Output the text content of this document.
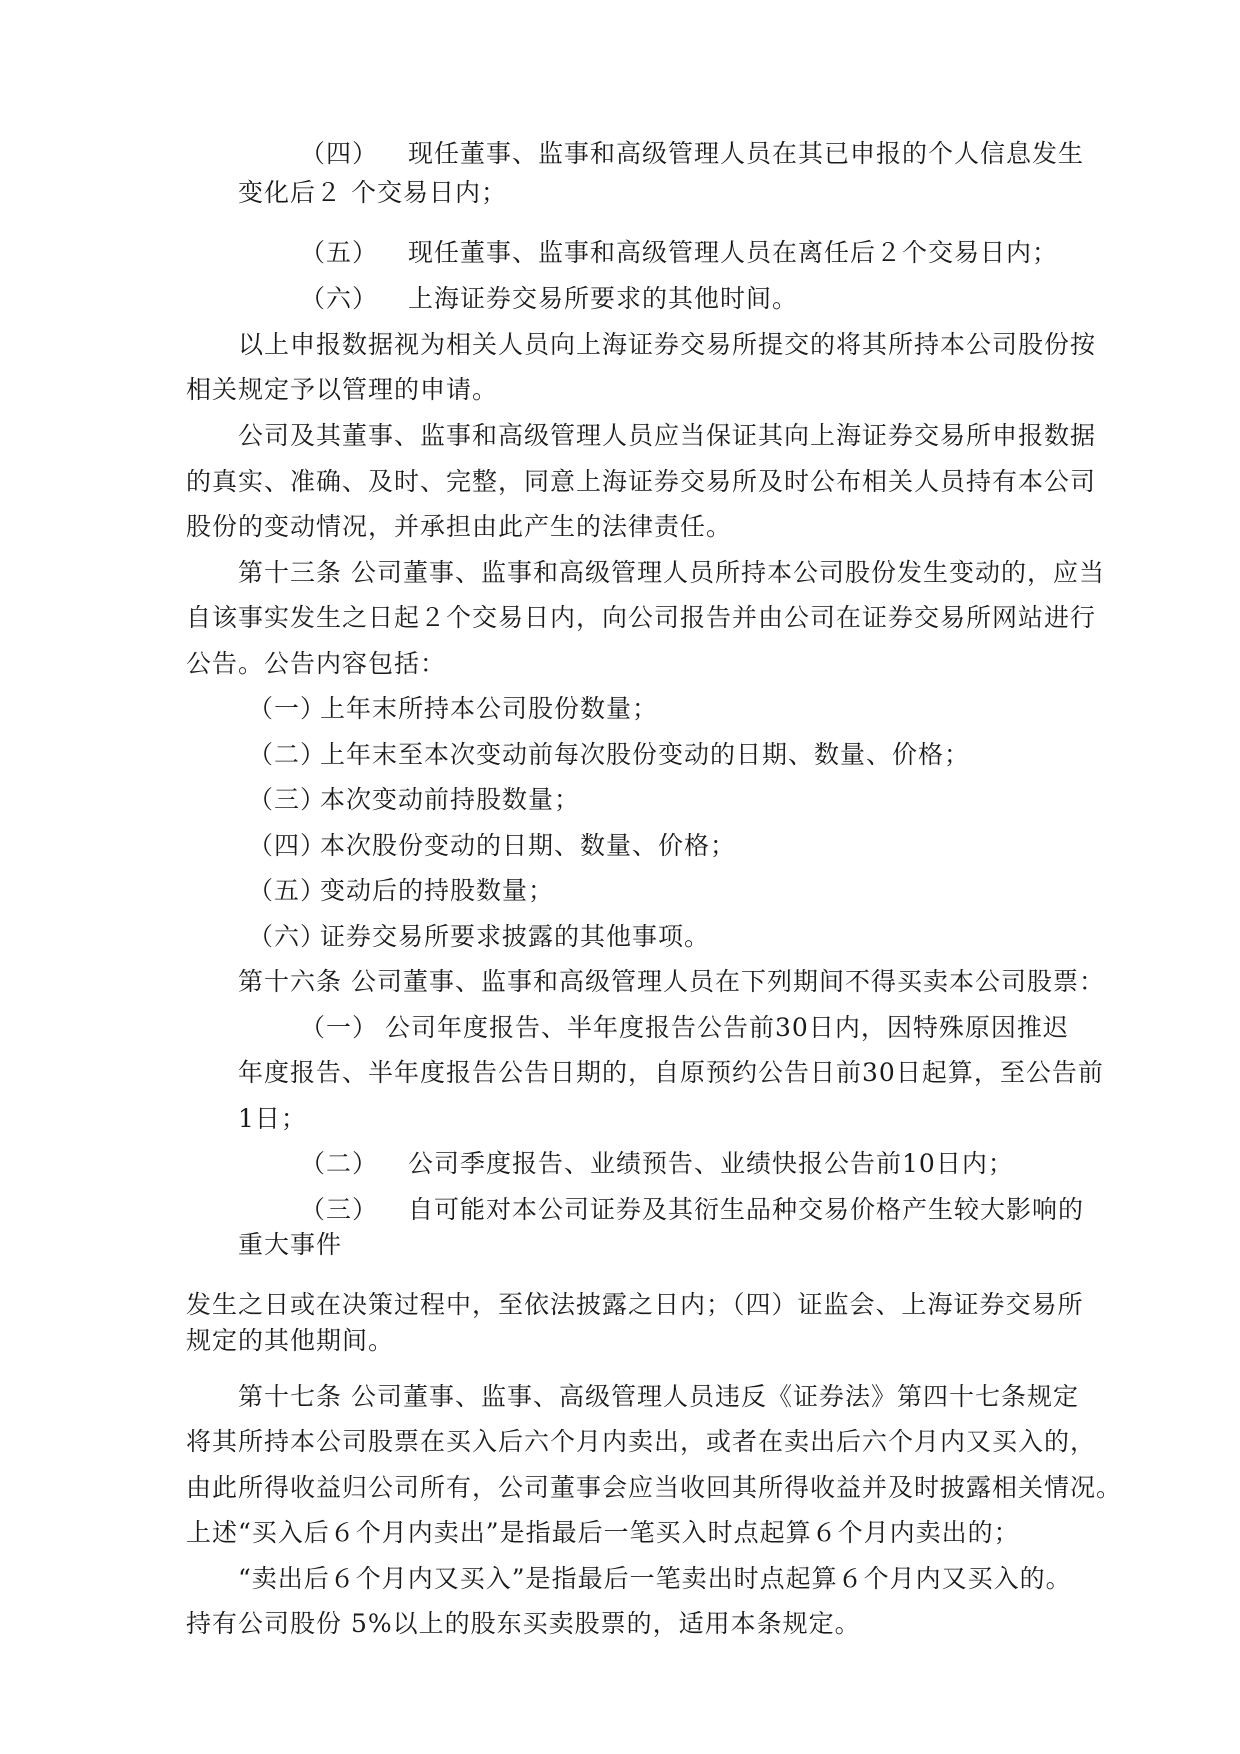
（四） 现任董事、监事和高级管理人员在其已申报的个人信息发生
变化后２ 个交易日内；
（五） 现任董事、监事和高级管理人员在离任后２个交易日内；
（六） 上海证券交易所要求的其他时间。
以上申报数据视为相关人员向上海证券交易所提交的将其所持本公司股份按
相关规定予以管理的申请。
公司及其董事、监事和高级管理人员应当保证其向上海证券交易所申报数据
的真实、准确、及时、完整，同意上海证券交易所及时公布相关人员持有本公司
股份的变动情况，并承担由此产生的法律责任。
第十三条 公司董事、监事和高级管理人员所持本公司股份发生变动的，应当
自该事实发生之日起２个交易日内，向公司报告并由公司在证券交易所网站进行
公告。公告内容包括：
（一）
上年末所持本公司股份数量；
（二）
上年末至本次变动前每次股份变动的日期、数量、价格；
（三）
本次变动前持股数量；
（四）
本次股份变动的日期、数量、价格；
（五）
变动后的持股数量；
（六）
证券交易所要求披露的其他事项。
第十六条 公司董事、监事和高级管理人员在下列期间不得买卖本公司股票：
（一） 公司年度报告、半年度报告公告前30日内，因特殊原因推迟
年度报告、半年度报告公告日期的，自原预约公告日前30日起算，至公告前
1日；
（二） 公司季度报告、业绩预告、业绩快报公告前10日内；
（三） 自可能对本公司证券及其衍生品种交易价格产生较大影响的
重大事件
发生之日或在决策过程中，至依法披露之日内；（四）证监会、上海证券交易所
规定的其他期间。
第十七条 公司董事、监事、高级管理人员违反《证券法》第四十七条规定
将其所持本公司股票在买入后六个月内卖出，或者在卖出后六个月内又买入的，
由此所得收益归公司所有，公司董事会应当收回其所得收益并及时披露相关情况。
上述“买入后６个月内卖出”是指最后一笔买入时点起算６个月内卖出的；
“卖出后６个月内又买入”是指最后一笔卖出时点起算６个月内又买入的。
持有公司股份 5%以上的股东买卖股票的，适用本条规定。
